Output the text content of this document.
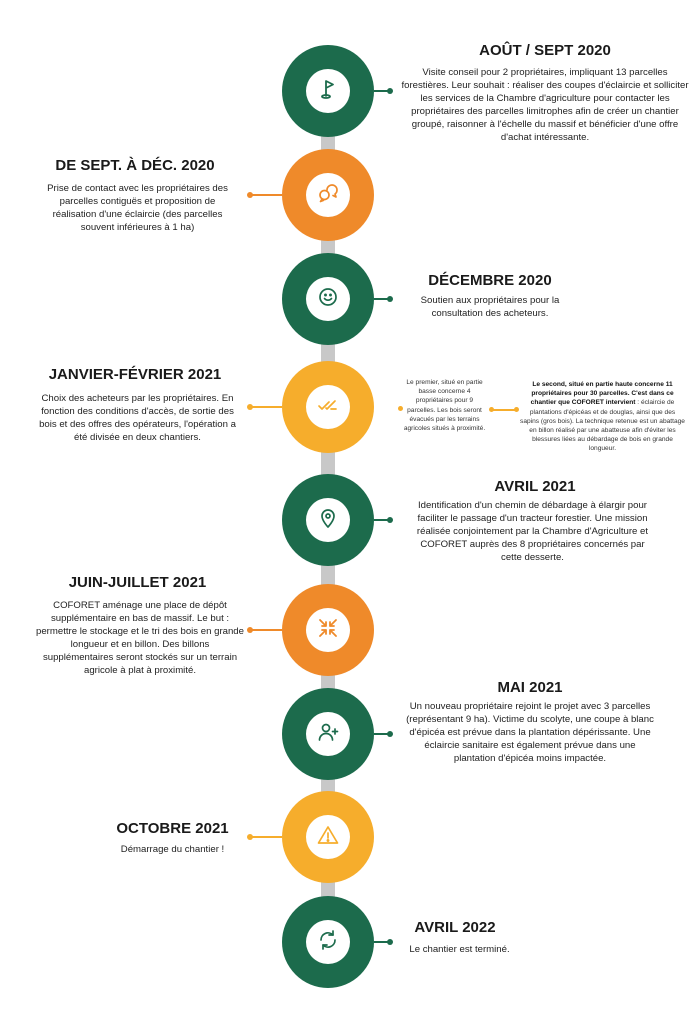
AOÛT / SEPT 2020
Visite conseil pour 2 propriétaires, impliquant 13 parcelles forestières. Leur souhait : réaliser des coupes d'éclaircie et solliciter les services de la Chambre d'agriculture pour contacter les propriétaires des parcelles limitrophes afin de créer un chantier groupé, raisonner à l'échelle du massif et bénéficier d'une offre d'achat intéressante.
DE SEPT. À DÉC. 2020
Prise de contact avec les propriétaires des parcelles contiguës et proposition de réalisation d'une éclaircie (des parcelles souvent inférieures à 1 ha)
DÉCEMBRE 2020
Soutien aux propriétaires pour la consultation des acheteurs.
JANVIER-FÉVRIER 2021
Choix des acheteurs par les propriétaires. En fonction des conditions d'accès, de sortie des bois et des offres des opérateurs, l'opération a été divisée en deux chantiers.
Le premier, situé en partie basse concerne 4 propriétaires pour 9 parcelles. Les bois seront évacués par les terrains agricoles situés à proximité.
Le second, situé en partie haute concerne 11 propriétaires pour 30 parcelles. C'est dans ce chantier que COFORET intervient : éclaircie de plantations d'épicéas et de douglas, ainsi que des sapins (gros bois). La technique retenue est un abattage en billon réalisé par une abatteuse afin d'éviter les blessures liées au débardage de bois en grande longueur.
AVRIL 2021
Identification d'un chemin de débardage à élargir pour faciliter le passage d'un tracteur forestier. Une mission réalisée conjointement par la Chambre d'Agriculture et COFORET auprès des 8 propriétaires concernés par cette desserte.
JUIN-JUILLET 2021
COFORET aménage une place de dépôt supplémentaire en bas de massif. Le but : permettre le stockage et le tri des bois en grande longueur et en billon. Des billons supplémentaires seront stockés sur un terrain agricole à plat à proximité.
MAI 2021
Un nouveau propriétaire rejoint le projet avec 3 parcelles (représentant 9 ha). Victime du scolyte, une coupe à blanc d'épicéa est prévue dans la plantation dépérissante. Une éclaircie sanitaire est également prévue dans une plantation d'épicéa moins impactée.
OCTOBRE 2021
Démarrage du chantier !
AVRIL 2022
Le chantier est terminé.
